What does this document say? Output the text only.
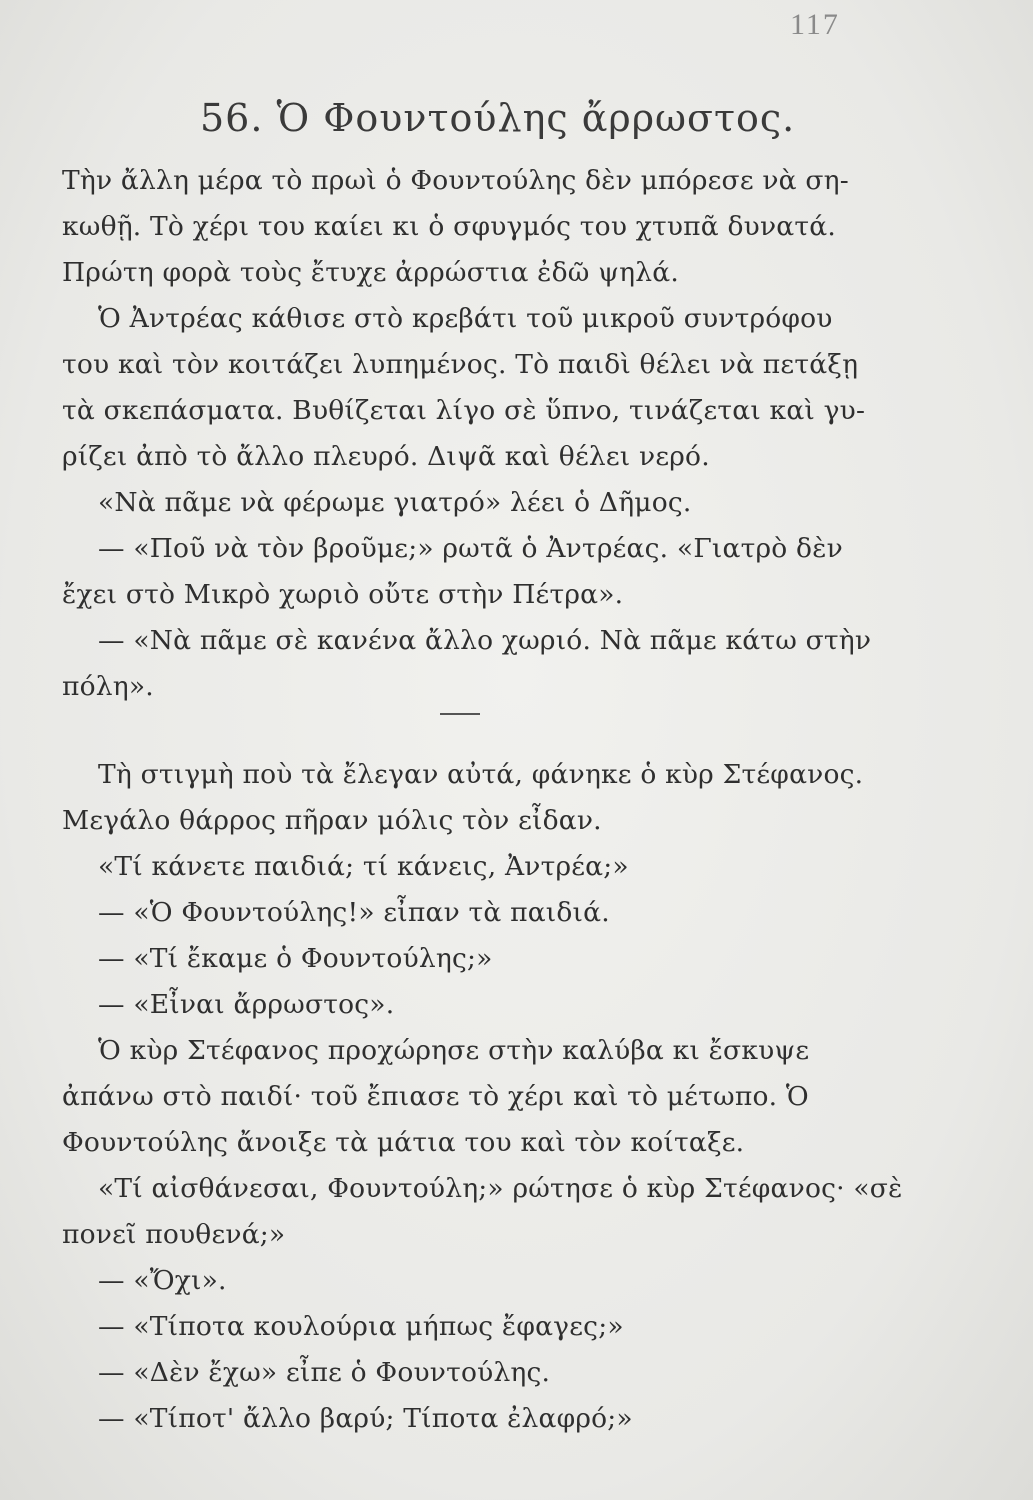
117
56. Ὁ Φουντούλης ἄρρωστος.
Τὴν ἄλλη μέρα τὸ πρωὶ ὁ Φουντούλης δὲν μπόρεσε νὰ ση-
κωθῇ. Τὸ χέρι του καίει κι ὁ σφυγμός του χτυπᾶ δυνατά.
Πρώτη φορὰ τοὺς ἔτυχε ἀρρώστια ἐδῶ ψηλά.
Ὁ Ἀντρέας κάθισε στὸ κρεβάτι τοῦ μικροῦ συντρόφου
του καὶ τὸν κοιτάζει λυπημένος. Τὸ παιδὶ θέλει νὰ πετάξῃ
τὰ σκεπάσματα. Βυθίζεται λίγο σὲ ὕπνο, τινάζεται καὶ γυ-
ρίζει ἀπὸ τὸ ἄλλο πλευρό. Διψᾶ καὶ θέλει νερό.
«Νὰ πᾶμε νὰ φέρωμε γιατρό» λέει ὁ Δῆμος.
— «Ποῦ νὰ τὸν βροῦμε;» ρωτᾶ ὁ Ἀντρέας. «Γιατρὸ δὲν
ἔχει στὸ Μικρὸ χωριὸ οὔτε στὴν Πέτρα».
— «Νὰ πᾶμε σὲ κανένα ἄλλο χωριό. Νὰ πᾶμε κάτω στὴν
πόλη».
Τὴ στιγμὴ ποὺ τὰ ἔλεγαν αὐτά, φάνηκε ὁ κὺρ Στέφανος.
Μεγάλο θάρρος πῆραν μόλις τὸν εἶδαν.
«Τί κάνετε παιδιά; τί κάνεις, Ἀντρέα;»
— «Ὁ Φουντούλης!» εἶπαν τὰ παιδιά.
— «Τί ἔκαμε ὁ Φουντούλης;»
— «Εἶναι ἄρρωστος».
Ὁ κὺρ Στέφανος προχώρησε στὴν καλύβα κι ἔσκυψε
ἀπάνω στὸ παιδί· τοῦ ἔπιασε τὸ χέρι καὶ τὸ μέτωπο. Ὁ
Φουντούλης ἄνοιξε τὰ μάτια του καὶ τὸν κοίταξε.
«Τί αἰσθάνεσαι, Φουντούλη;» ρώτησε ὁ κὺρ Στέφανος· «σὲ
πονεῖ πουθενά;»
— «Ὄχι».
— «Τίποτα κουλούρια μήπως ἔφαγες;»
— «Δὲν ἔχω» εἶπε ὁ Φουντούλης.
— «Τίποτ' ἄλλο βαρύ; Τίποτα ἐλαφρό;»
